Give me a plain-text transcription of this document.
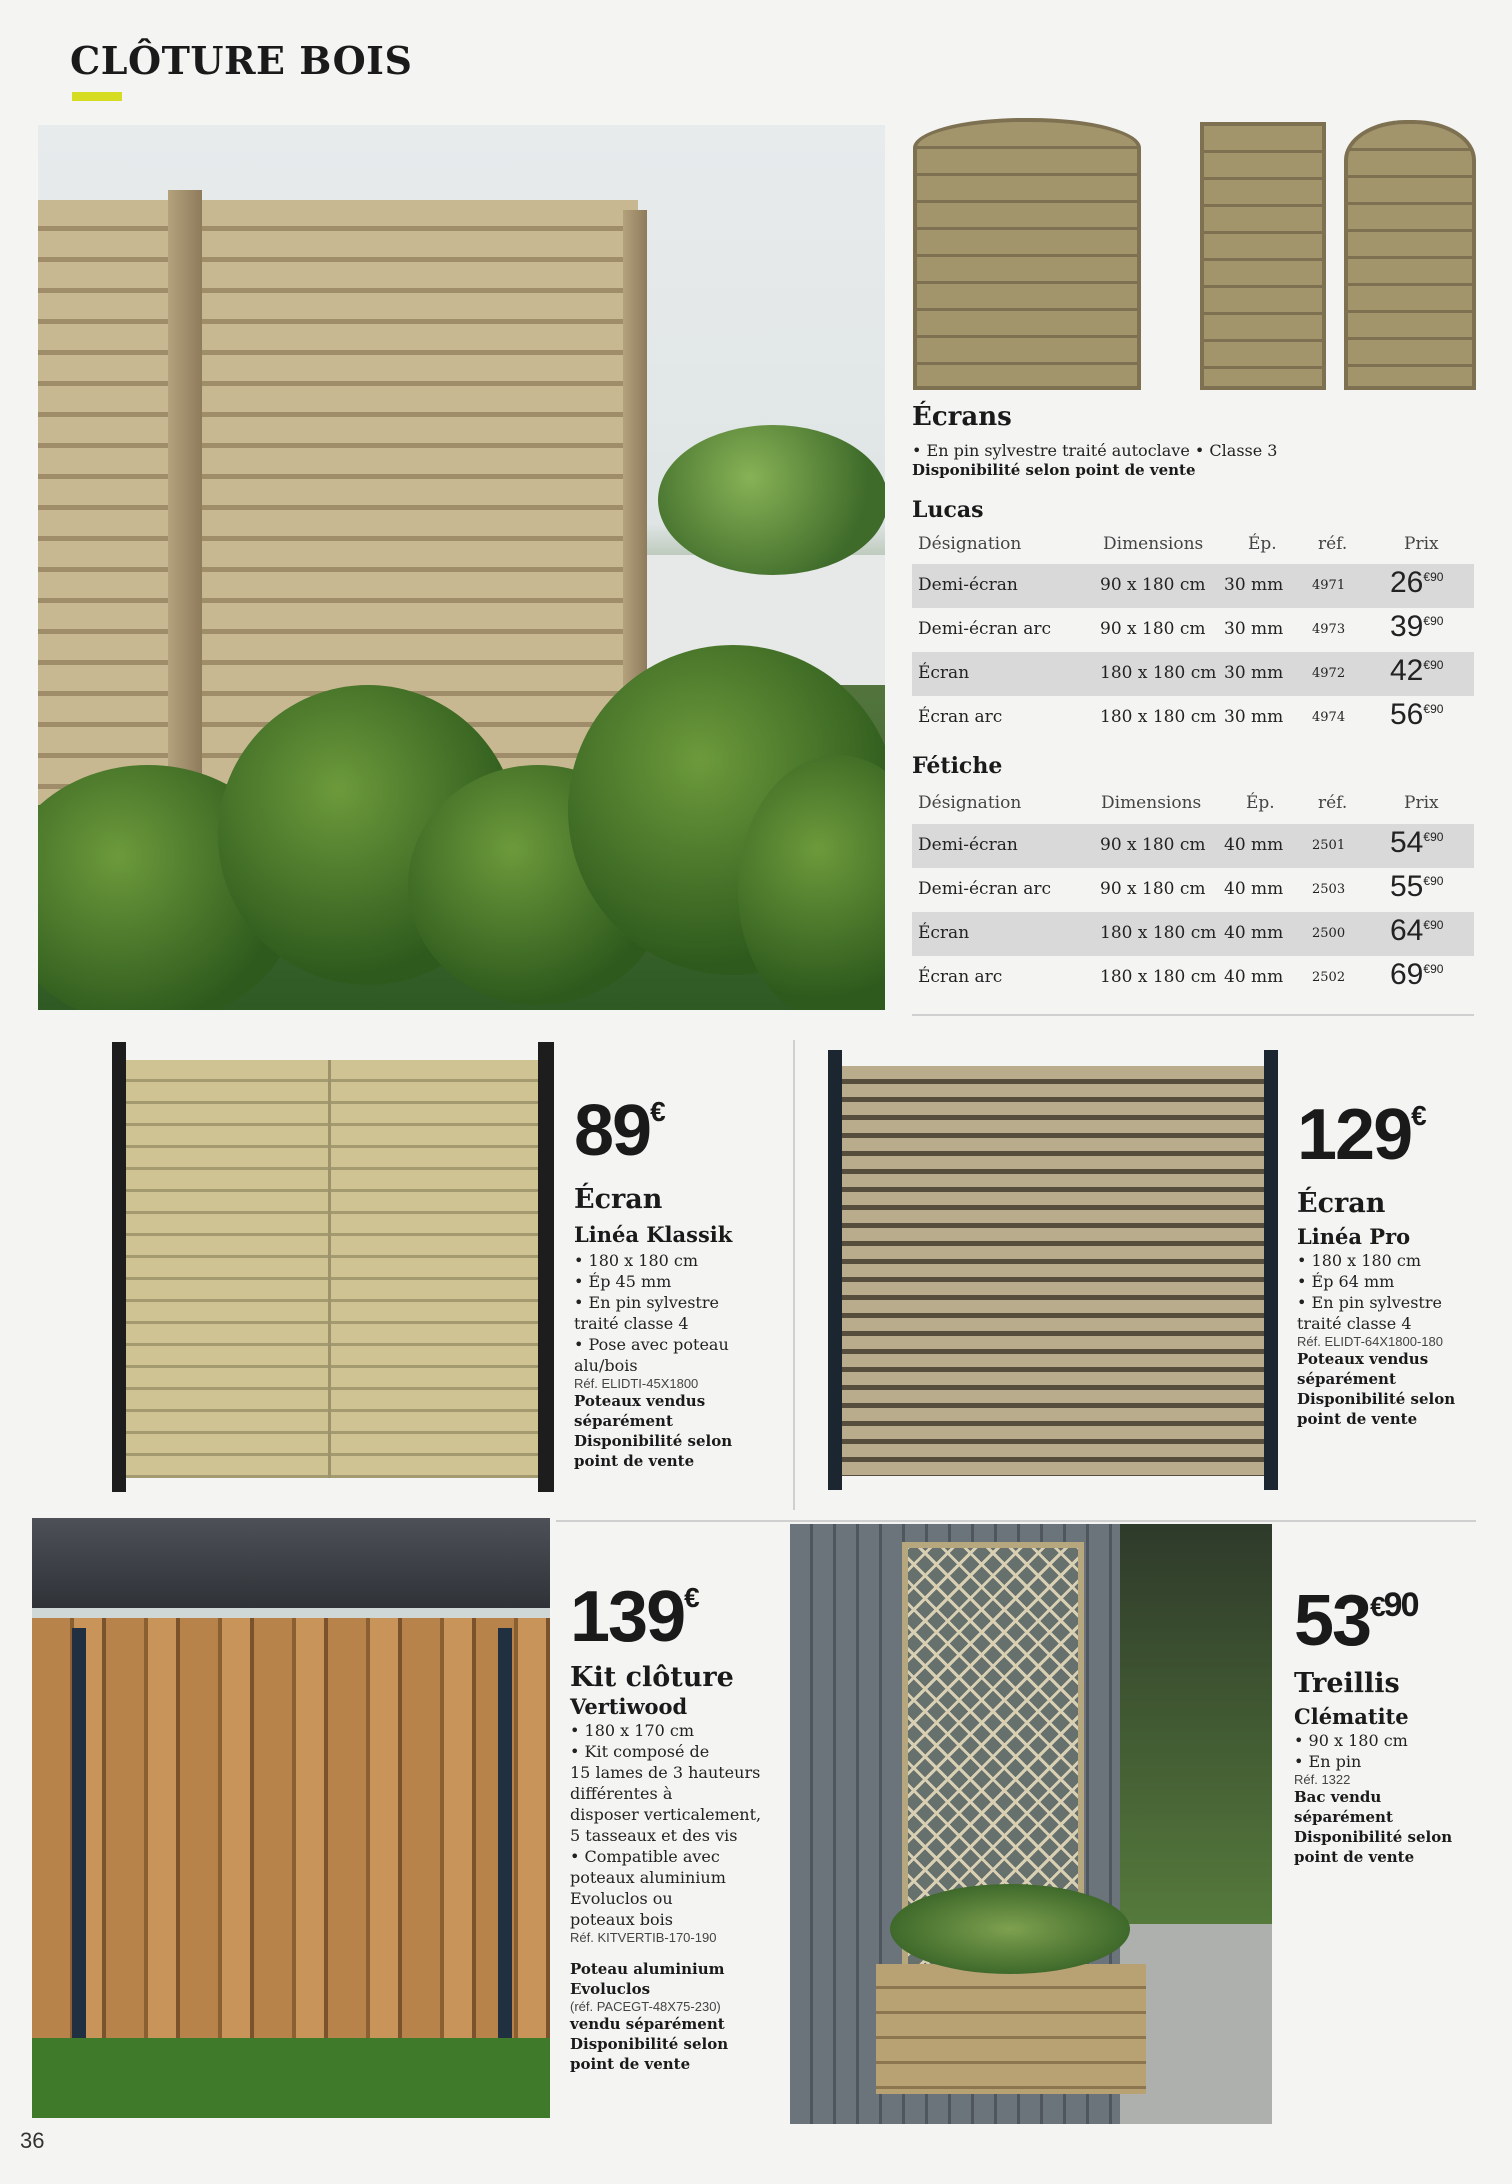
CLÔTURE BOIS
Écrans
• En pin sylvestre traité autoclave • Classe 3
Disponibilité selon point de vente
Lucas
Désignation	Dimensions	Ép. réf.	Prix
Demi-écran	90 x 180 cm 30 mm 4971 $26^{€90}$
Demi-écran arc	90 x 180 cm 30 mm 4973 $39^{€90}$
Écran	180 x 180 cm 30 mm 4972 $42^{€90}$
Écran arc	180 x 180 cm 30 mm 4974 $56^{€90}$
Fétiche
Désignation	Dimensions	Ép.	réf.	Prix
Demi-écran	90 x 180 cm 40 mm 2501 $54^{€90}$
Demi-écran arc	90 x 180 cm 40 mm 2503 $55^{€90}$
Écran	180 x 180 cm 40 mm 2500 $64^{€90}$
Écran arc	180 x 180 cm 40 mm 2502 $69^{€90}$
89€
Écran
Linéa Klassik
• 180 x 180 cm
• Ép 45 mm
• En pin sylvestre
traité classe 4
• Pose avec poteau
alu/bois
Réf. ELIDTI-45X1800
Poteaux vendus
séparément
Disponibilité selon
point de vente
129€
Écran
Linéa Pro
• 180 x 180 cm
• Ép 64 mm
• En pin sylvestre
traité classe 4
Réf. ELIDT-64X1800-180
Poteaux vendus
séparément
Disponibilité selon
point de vente
139€
Kit clôture
Vertiwood
• 180 x 170 cm
• Kit composé de
15 lames de 3 hauteurs
différentes à
disposer verticalement,
5 tasseaux et des vis
• Compatible avec
poteaux aluminium
Evoluclos ou
poteaux bois
Réf. KITVERTIB-170-190
Poteau aluminium
Evoluclos
(réf. PACEGT-48X75-230)
vendu séparément
Disponibilité selon
point de vente
$53^{€90}$
Treillis
Clématite
• 90 x 180 cm
• En pin
Réf. 1322
Bac vendu
séparément
Disponibilité selon
point de vente
36
